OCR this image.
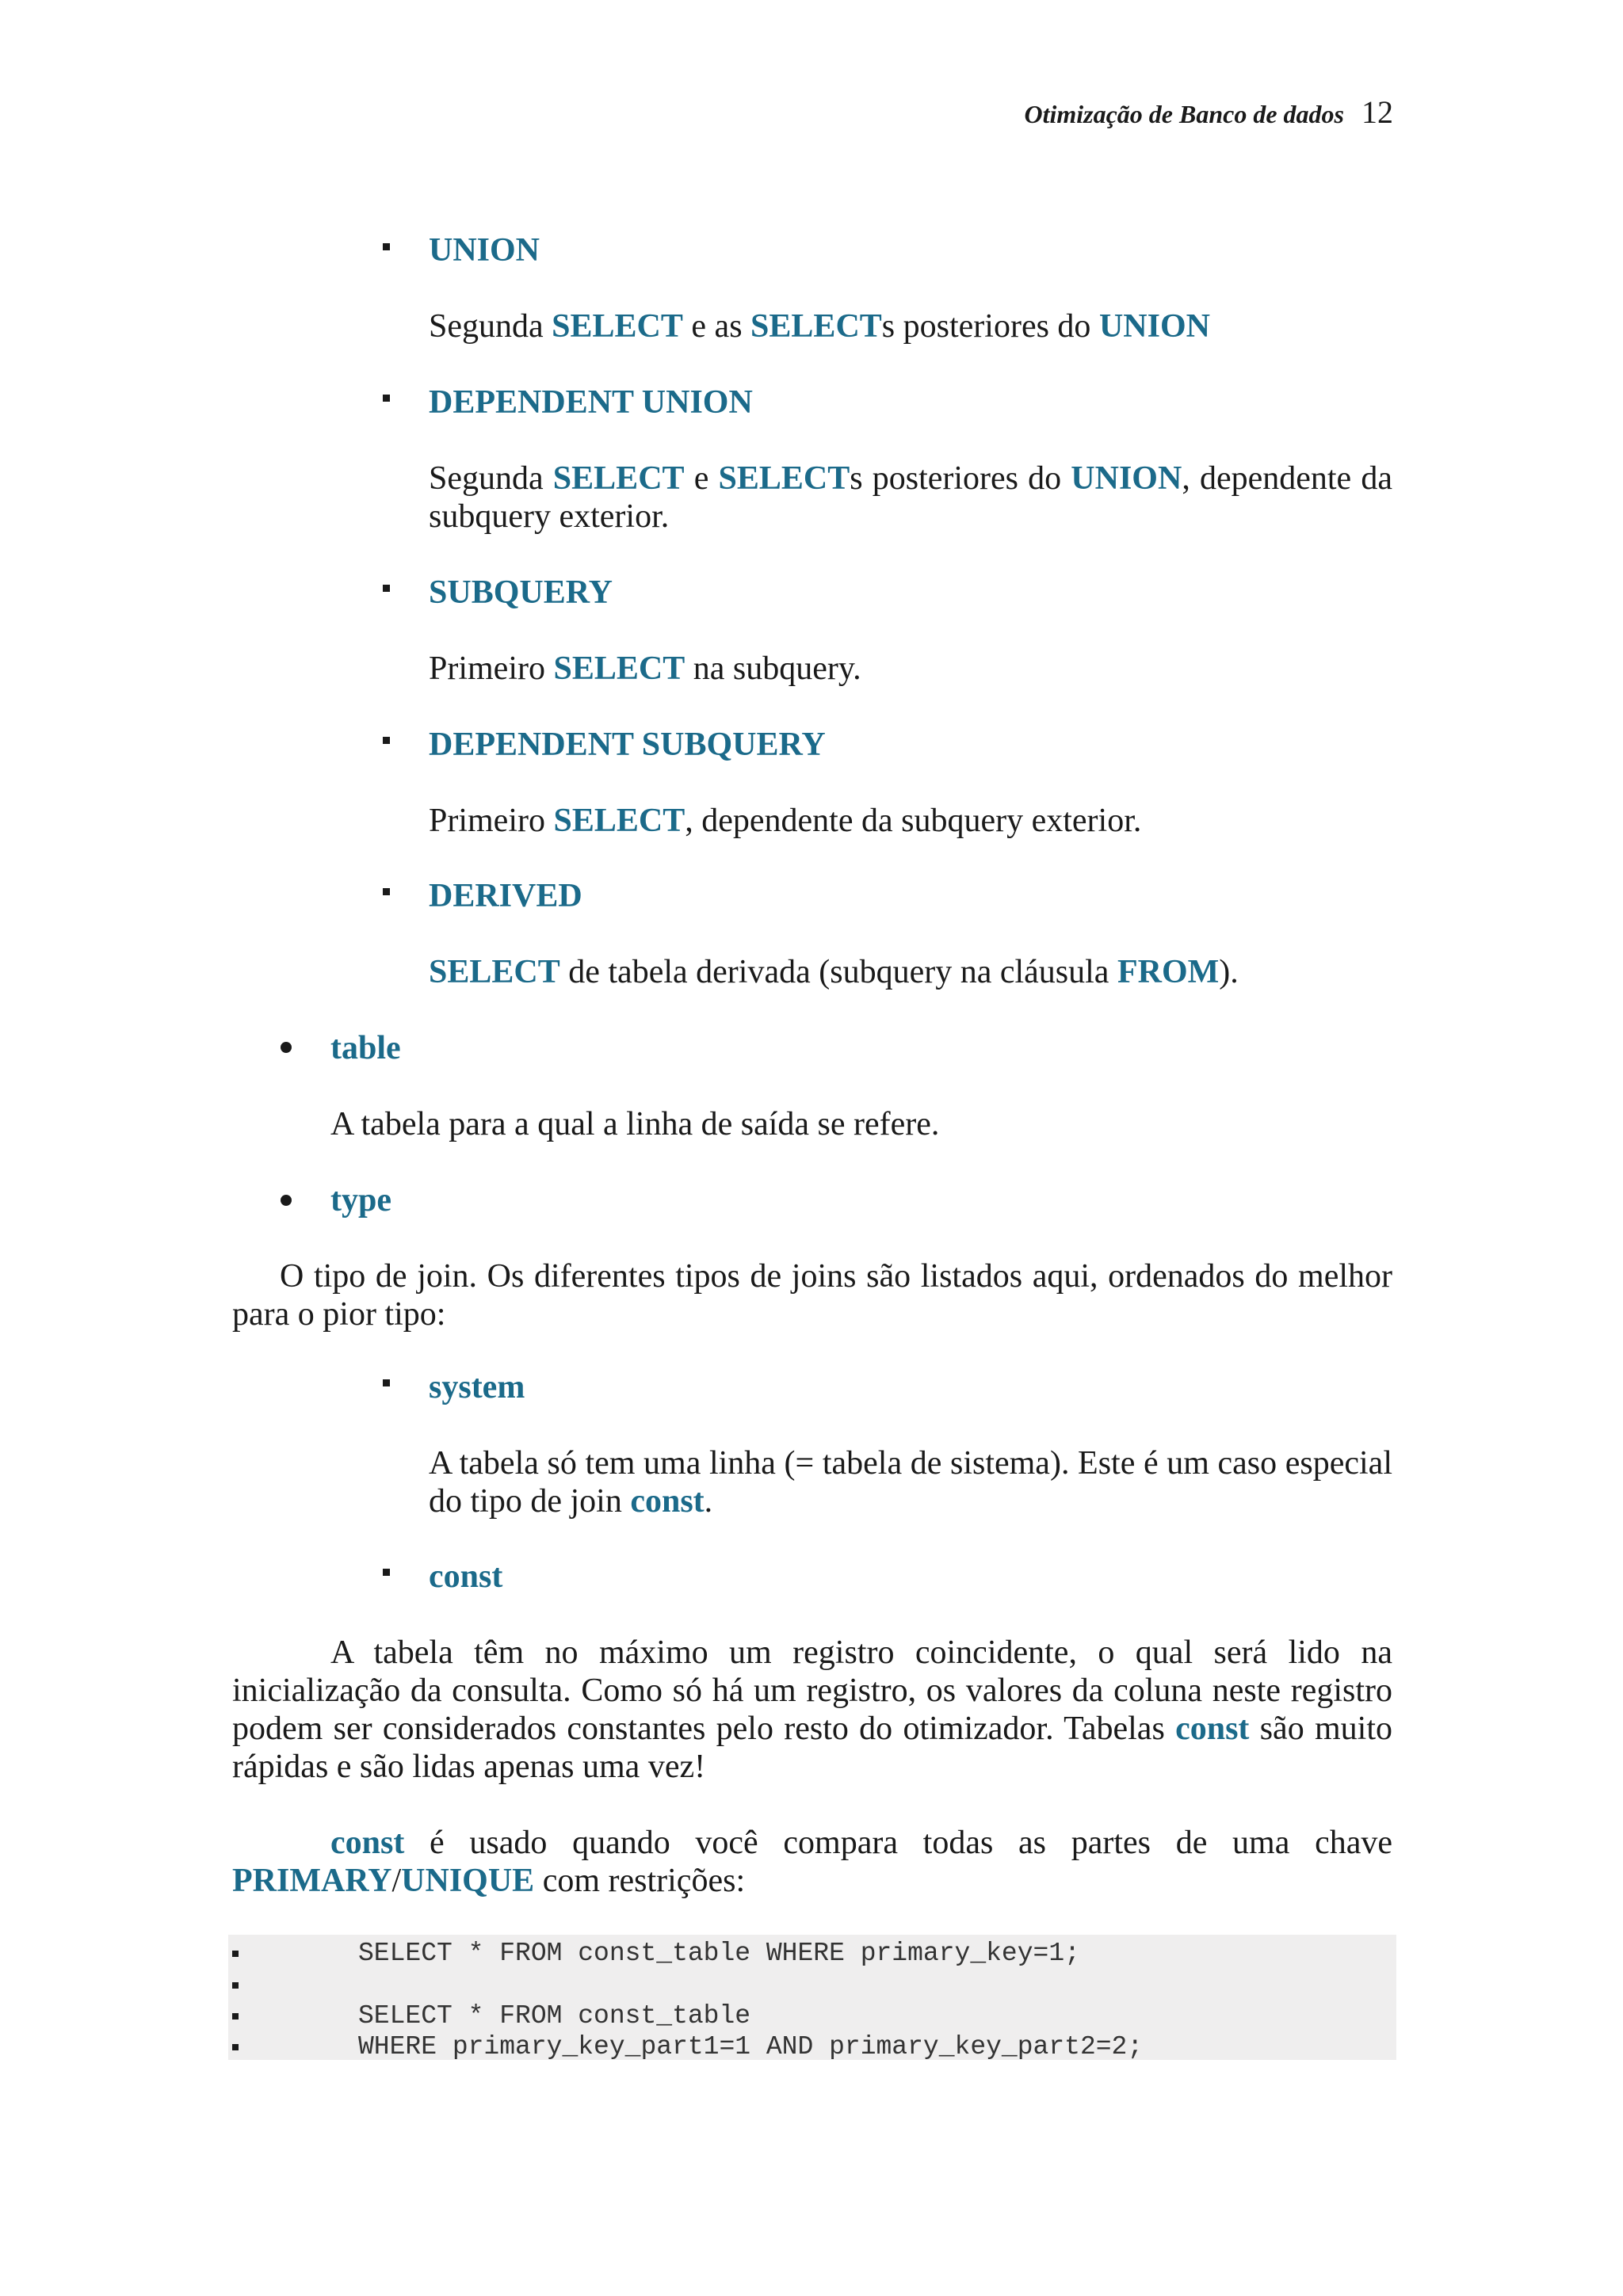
Otimização de Banco de dados 12
UNION
Segunda SELECT e as SELECTs posteriores do UNION
DEPENDENT UNION
Segunda SELECT e SELECTs posteriores do UNION, dependente da
subquery exterior.
SUBQUERY
Primeiro SELECT na subquery.
DEPENDENT SUBQUERY
Primeiro SELECT, dependente da subquery exterior.
DERIVED
SELECT de tabela derivada (subquery na cláusula FROM).
table
A tabela para a qual a linha de saída se refere.
type
O tipo de join. Os diferentes tipos de joins são listados aqui, ordenados do melhor
para o pior tipo:
system
A tabela só tem uma linha (= tabela de sistema). Este é um caso especial
do tipo de join const.
const
A tabela têm no máximo um registro coincidente, o qual será lido na
inicialização da consulta. Como só há um registro, os valores da coluna neste registro
podem ser considerados constantes pelo resto do otimizador. Tabelas const são muito
rápidas e são lidas apenas uma vez!
const é usado quando você compara todas as partes de uma chave
PRIMARY/UNIQUE com restrições:
SELECT * FROM const_table WHERE primary_key=1;
SELECT * FROM const_table
WHERE primary_key_part1=1 AND primary_key_part2=2;
